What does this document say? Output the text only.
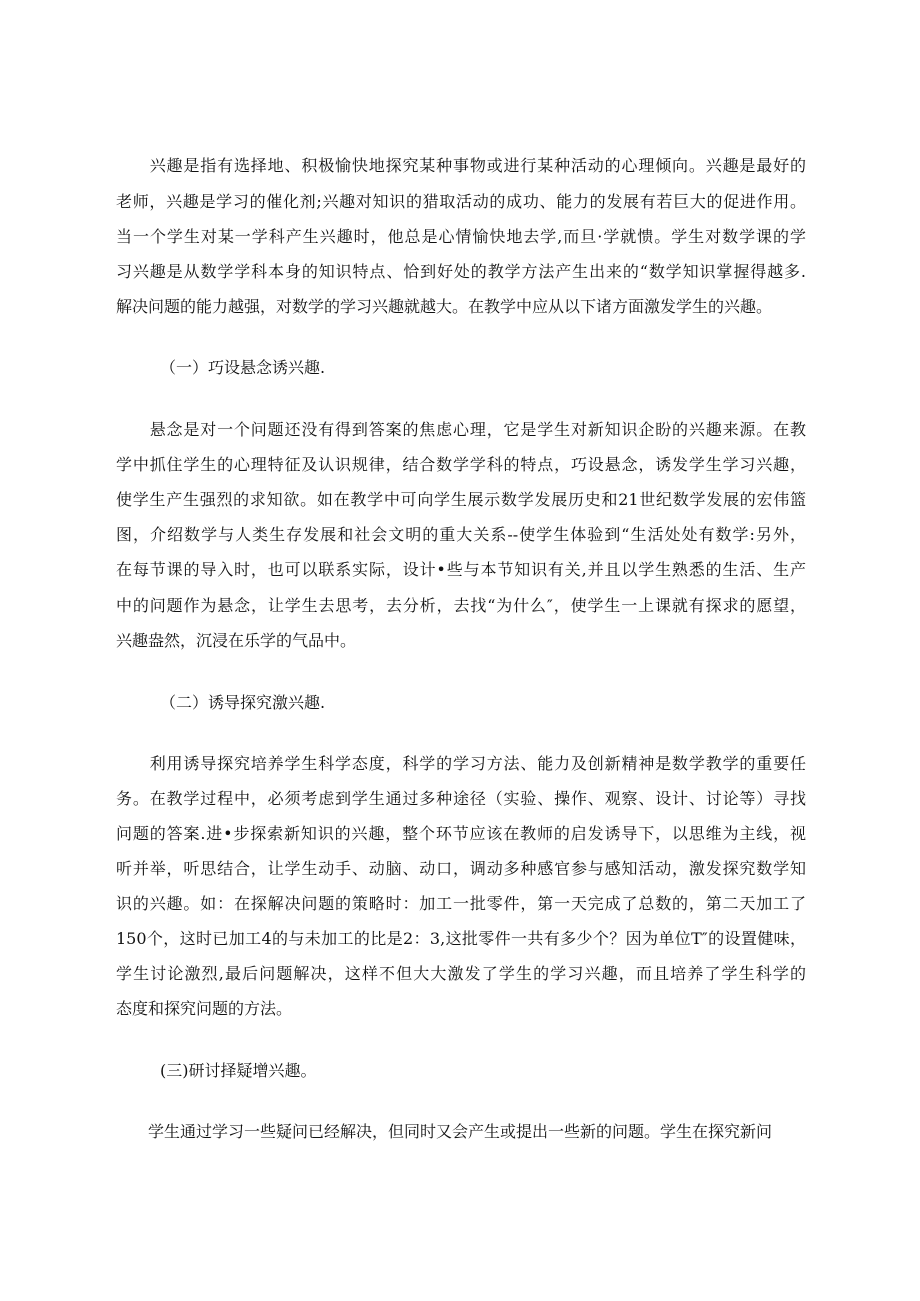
　　兴趣是指有选择地、积极愉快地探究某种事物或进行某种活动的心理倾向。兴趣是最好的

老师，兴趣是学习的催化剂;兴趣对知识的猎取活动的成功、能力的发展有若巨大的促进作用。

当一个学生对某一学科产生兴趣时，他总是心情愉快地去学,而旦·学就愦。学生对数学课的学

习兴趣是从数学学科本身的知识特点、恰到好处的教学方法产生出来的“数学知识掌握得越多.

解决问题的能力越强，对数学的学习兴趣就越大。在教学中应从以下诸方面激发学生的兴趣。

（一）巧设悬念诱兴趣.

　　悬念是对一个问题还没有得到答案的焦虑心理，它是学生对新知识企盼的兴趣来源。在教

学中抓住学生的心理特征及认识规律，结合数学学科的特点，巧设悬念，诱发学生学习兴趣，

使学生产生强烈的求知欲。如在教学中可向学生展示数学发展历史和21世纪数学发展的宏伟篮

图，介绍数学与人类生存发展和社会文明的重大关系--使学生体验到“生活处处有数学:另外，

在每节课的导入时，也可以联系实际，设计•些与本节知识有关,并且以学生熟悉的生活、生产

中的问题作为悬念，让学生去思考，去分析，去找“为什么″，使学生一上课就有探求的愿望，

兴趣盎然，沉浸在乐学的气品中。

（二）诱导探究激兴趣.

　　利用诱导探究培养学生科学态度，科学的学习方法、能力及创新精神是数学教学的重要任

务。在教学过程中，必须考虑到学生通过多种途径（实验、操作、观察、设计、讨论等）寻找

问题的答案.进•步探索新知识的兴趣，整个环节应该在教师的启发诱导下，以思维为主线，视

听并举，听思结合，让学生动手、动脑、动口，调动多种感官参与感知活动，激发探究数学知

识的兴趣。如：在探解决问题的策略时：加工一批零件，第一天完成了总数的，第二天加工了

150个，这时已加工4的与未加工的比是2：3,这批零件一共有多少个？因为单位T″的设置健味，

学生讨论激烈,最后问题解决，这样不但大大激发了学生的学习兴趣，而且培养了学生科学的

态度和探究问题的方法。

(三)研讨择疑增兴趣。

　　学生通过学习一些疑问已经解决，但同时又会产生或提出一些新的问题。学生在探究新问
